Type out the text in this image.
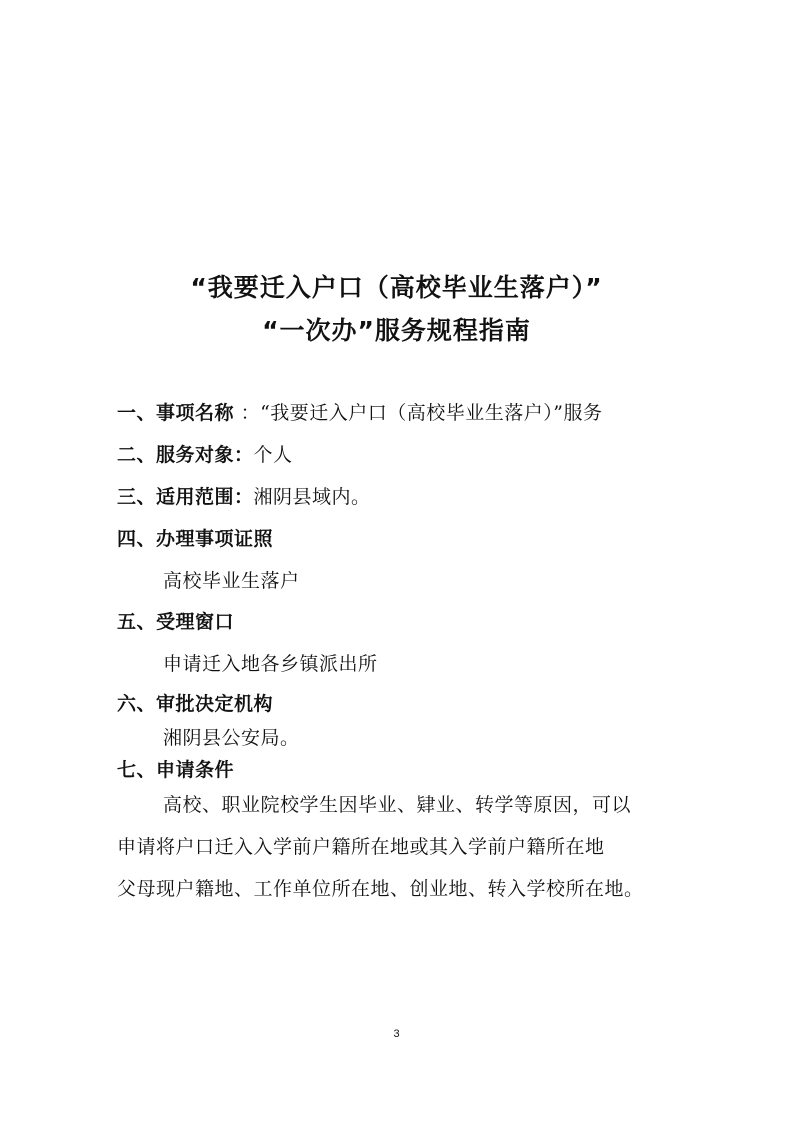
“我要迁入户口（高校毕业生落户）”
“一次办”服务规程指南
一、事项名称 ：“我要迁入户口（高校毕业生落户）”服务
二、服务对象：个人
三、适用范围：湘阴县域内。
四、办理事项证照
高校毕业生落户
五、受理窗口
申请迁入地各乡镇派出所
六、审批决定机构
湘阴县公安局。
七、申请条件
高校、职业院校学生因毕业、肄业、转学等原因，可以
申请将户口迁入入学前户籍所在地或其入学前户籍所在地
父母现户籍地、工作单位所在地、创业地、转入学校所在地。
3
